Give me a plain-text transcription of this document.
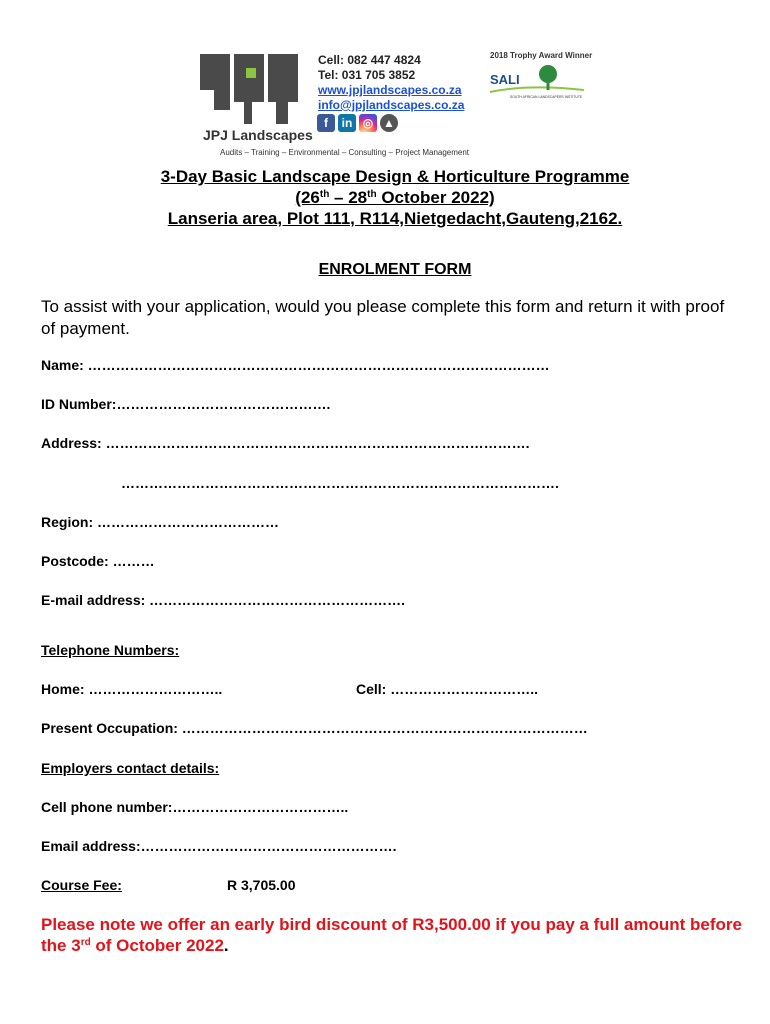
JPJ Landscapes
Cell: 082 447 4824
Tel: 031 705 3852
www.jpjlandscapes.co.za
info@jpjlandscapes.co.za
f	in ◎ ▲
Audits – Training – Environmental – Consulting – Project Management
2018 Trophy Award Winner
SALI
SOUTH AFRICAN LANDSCAPERS INSTITUTE
3-Day Basic Landscape Design & Horticulture Programme
(26th – 28th October 2022)
Lanseria area, Plot 111, R114,Nietgedacht,Gauteng,2162.
ENROLMENT FORM
To assist with your application, would you please complete this form and return it with proof of payment.
Name: ………………………………………………………………………………………
ID Number:……………………………………….
Address: ……………………………………………………………………………….
………………………………………………………………………………….
Region: …………………………………
Postcode: ………
E-mail address: ……………………………………………….
Telephone Numbers:
Home: ………………………..	Cell: …………………………..
Present Occupation: ……………………………………………………………………………
Employers contact details:
Cell phone number:………………………………..
Email address:……………………………………………….
Course Fee:	R 3,705.00
Please note we offer an early bird discount of R3,500.00 if you pay a full amount before the 3rd of October 2022.
